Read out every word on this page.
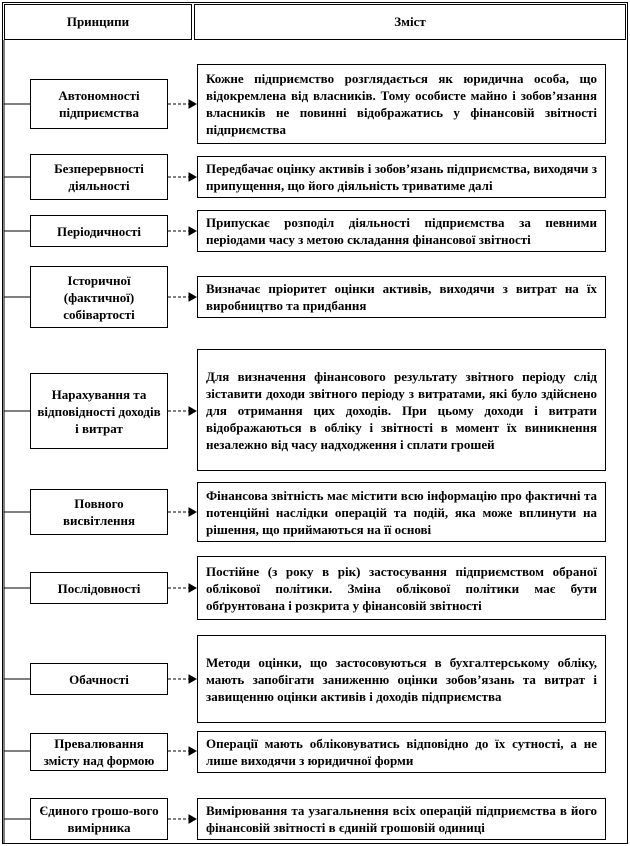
Принципи	Зміст
Автономності підприємства
Кожне підприємство розглядається як юридична особа, що відокремлена від власників. Тому особисте майно і зобов’язання власників не повинні відображатись у фінансовій звітності підприємства
Безперервності діяльності
Передбачає оцінку активів і зобов’язань підприємства, виходячи з припущення, що його діяльність триватиме далі
Періодичності
Припускає розподіл діяльності підприємства за певними періодами часу з метою складання фінансової звітності
Історичної (фактичної) собівартості
Визначає пріоритет оцінки активів, виходячи з витрат на їх виробництво та придбання
Нарахування та відповідності доходів і витрат
Для визначення фінансового результату звітного періоду слід зіставити доходи звітного періоду з витратами, які було здійснено для отримання цих доходів. При цьому доходи і витрати відображаються в обліку і звітності в момент їх виникнення незалежно від часу надходження і сплати грошей
Повного висвітлення
Фінансова звітність має містити всю інформацію про фактичні та потенційні наслідки операцій та подій, яка може вплинути на рішення, що приймаються на її основі
Послідовності
Постійне (з року в рік) застосування підприємством обраної облікової політики. Зміна облікової політики має бути обґрунтована і розкрита у фінансовій звітності
Обачності
Методи оцінки, що застосовуються в бухгалтерському обліку, мають запобігати заниженню оцінки зобов’язань та витрат і завищенню оцінки активів і доходів підприємства
Превалювання змісту над формою
Операції мають обліковуватись відповідно до їх сутності, а не лише виходячи з юридичної форми
Єдиного грошо-вого вимірника
Вимірювання та узагальнення всіх операцій підприємства в його фінансовій звітності в єдиній грошовій одиниці
